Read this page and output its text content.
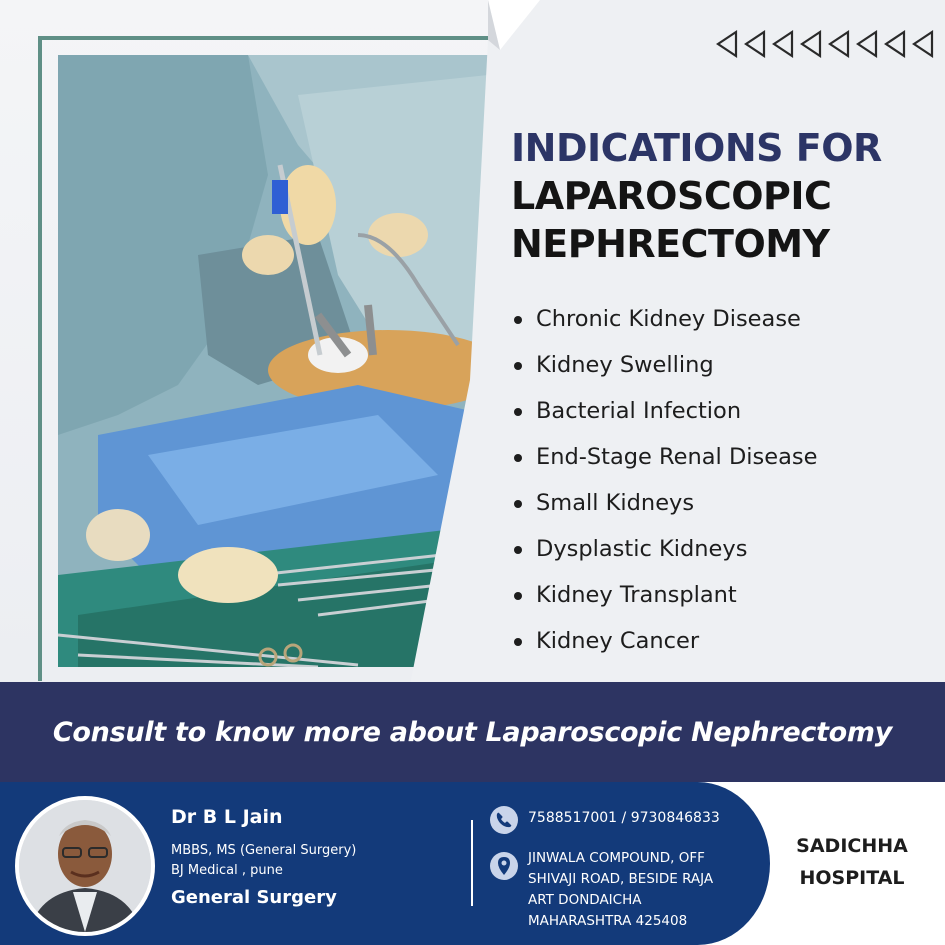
INDICATIONS FOR
LAPAROSCOPIC
NEPHRECTOMY
Chronic Kidney Disease
Kidney Swelling
Bacterial Infection
End-Stage Renal Disease
Small Kidneys
Dysplastic Kidneys
Kidney Transplant
Kidney Cancer
Consult to know more about Laparoscopic Nephrectomy
Dr B L Jain
MBBS, MS (General Surgery)
BJ Medical , pune
General Surgery
7588517001 / 9730846833
JINWALA COMPOUND, OFF
SHIVAJI ROAD, BESIDE RAJA
ART DONDAICHA
MAHARASHTRA 425408
SADICHHA
HOSPITAL
